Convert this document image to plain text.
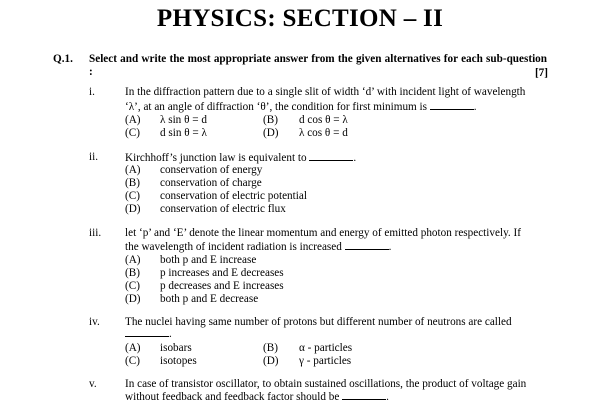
PHYSICS: SECTION – II
Q.1. Select and write the most appropriate answer from the given alternatives for each sub-question :	[7]
i.	In the diffraction pattern due to a single slit of width ‘d’ with incident light of wavelength
‘λ’, at an angle of diffraction ‘θ’, the condition for first minimum is	.
(A) λ sin θ = d	(B) d cos θ = λ
(C) d sin θ = λ	(D) λ cos θ = d
ii. Kirchhoff’s junction law is equivalent to	.
(A) conservation of energy
(B) conservation of charge
(C) conservation of electric potential
(D) conservation of electric flux
iii. let ‘p’ and ‘E’ denote the linear momentum and energy of emitted photon respectively. If
the wavelength of incident radiation is increased	.
(A) both p and E increase
(B) p increases and E decreases
(C) p decreases and E increases
(D) both p and E decrease
iv. The nuclei having same number of protons but different number of neutrons are called
.
(A) isobars	(B) α - particles
(C) isotopes	(D) γ - particles
v.	In case of transistor oscillator, to obtain sustained oscillations, the product of voltage gain
without feedback and feedback factor should be	.
